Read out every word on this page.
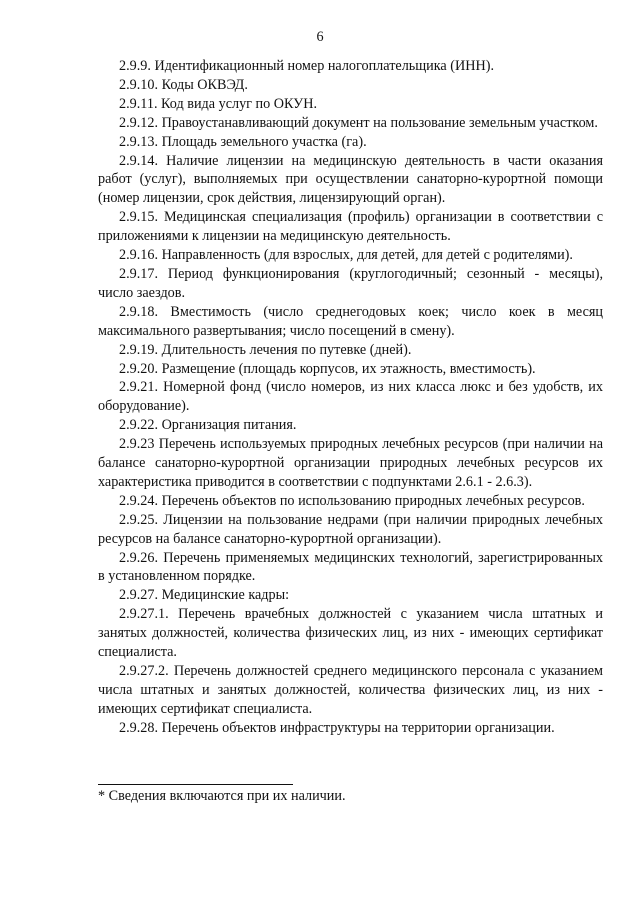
6

2.9.9. Идентификационный номер налогоплательщика (ИНН).

2.9.10. Коды ОКВЭД.

2.9.11. Код вида услуг по ОКУН.

2.9.12. Правоустанавливающий документ на пользование земельным участком.

2.9.13. Площадь земельного участка (га).

2.9.14. Наличие лицензии на медицинскую деятельность в части оказания работ (услуг), выполняемых при осуществлении санаторно-курортной помощи (номер лицензии, срок действия, лицензирующий орган).

2.9.15. Медицинская специализация (профиль) организации в соответствии с приложениями к лицензии на медицинскую деятельность.

2.9.16. Направленность (для взрослых, для детей, для детей с родителями).

2.9.17. Период функционирования (круглогодичный; сезонный - месяцы), число заездов.

2.9.18. Вместимость (число среднегодовых коек; число коек в месяц максимального развертывания; число посещений в смену).

2.9.19. Длительность лечения по путевке (дней).

2.9.20. Размещение (площадь корпусов, их этажность, вместимость).

2.9.21. Номерной фонд (число номеров, из них класса люкс и без удобств, их оборудование).

2.9.22. Организация питания.

2.9.23 Перечень используемых природных лечебных ресурсов (при наличии на балансе санаторно-курортной организации природных лечебных ресурсов их характеристика приводится в соответствии с подпунктами 2.6.1 - 2.6.3).

2.9.24. Перечень объектов по использованию природных лечебных ресурсов.

2.9.25. Лицензии на пользование недрами (при наличии природных лечебных ресурсов на балансе санаторно-курортной организации).

2.9.26. Перечень применяемых медицинских технологий, зарегистрированных в установленном порядке.

2.9.27. Медицинские кадры:

2.9.27.1. Перечень врачебных должностей с указанием числа штатных и занятых должностей, количества физических лиц, из них - имеющих сертификат специалиста.

2.9.27.2. Перечень должностей среднего медицинского персонала с указанием числа штатных и занятых должностей, количества физических лиц, из них - имеющих сертификат специалиста.

2.9.28. Перечень объектов инфраструктуры на территории организации.

* Сведения включаются при их наличии.
